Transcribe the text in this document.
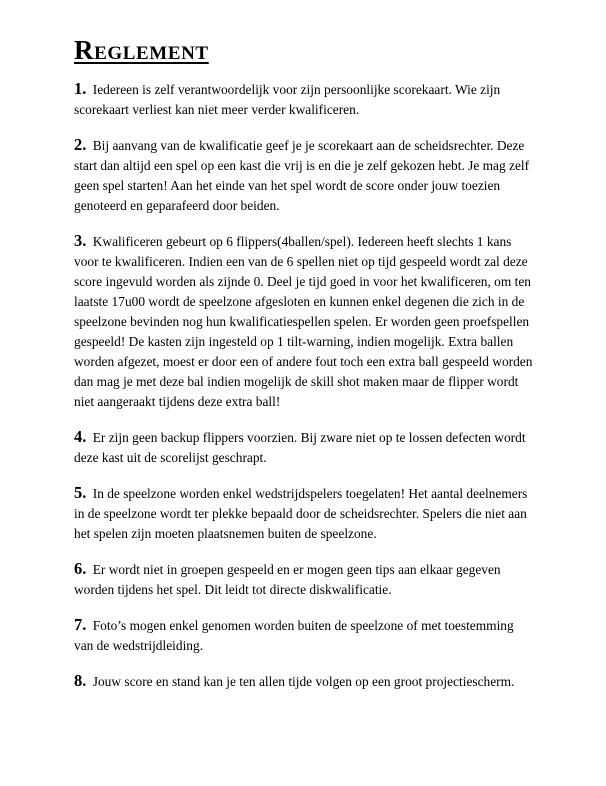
Reglement

1. Iedereen is zelf verantwoordelijk voor zijn persoonlijke scorekaart. Wie zijn scorekaart verliest kan niet meer verder kwalificeren.

2. Bij aanvang van de kwalificatie geef je je scorekaart aan de scheidsrechter. Deze start dan altijd een spel op een kast die vrij is en die je zelf gekozen hebt. Je mag zelf geen spel starten! Aan het einde van het spel wordt de score onder jouw toezien genoteerd en geparafeerd door beiden.

3. Kwalificeren gebeurt op 6 flippers(4ballen/spel). Iedereen heeft slechts 1 kans voor te kwalificeren. Indien een van de 6 spellen niet op tijd gespeeld wordt zal deze score ingevuld worden als zijnde 0. Deel je tijd goed in voor het kwalificeren, om ten laatste 17u00 wordt de speelzone afgesloten en kunnen enkel degenen die zich in de speelzone bevinden nog hun kwalificatiespellen spelen. Er worden geen proefspellen gespeeld! De kasten zijn ingesteld op 1 tilt-warning, indien mogelijk. Extra ballen worden afgezet, moest er door een of andere fout toch een extra ball gespeeld worden dan mag je met deze bal indien mogelijk de skill shot maken maar de flipper wordt niet aangeraakt tijdens deze extra ball!

4. Er zijn geen backup flippers voorzien. Bij zware niet op te lossen defecten wordt deze kast uit de scorelijst geschrapt.

5. In de speelzone worden enkel wedstrijdspelers toegelaten! Het aantal deelnemers in de speelzone wordt ter plekke bepaald door de scheidsrechter. Spelers die niet aan het spelen zijn moeten plaatsnemen buiten de speelzone.

6. Er wordt niet in groepen gespeeld en er mogen geen tips aan elkaar gegeven worden tijdens het spel. Dit leidt tot directe diskwalificatie.

7. Foto’s mogen enkel genomen worden buiten de speelzone of met toestemming van de wedstrijdleiding.

8. Jouw score en stand kan je ten allen tijde volgen op een groot projectiescherm.
